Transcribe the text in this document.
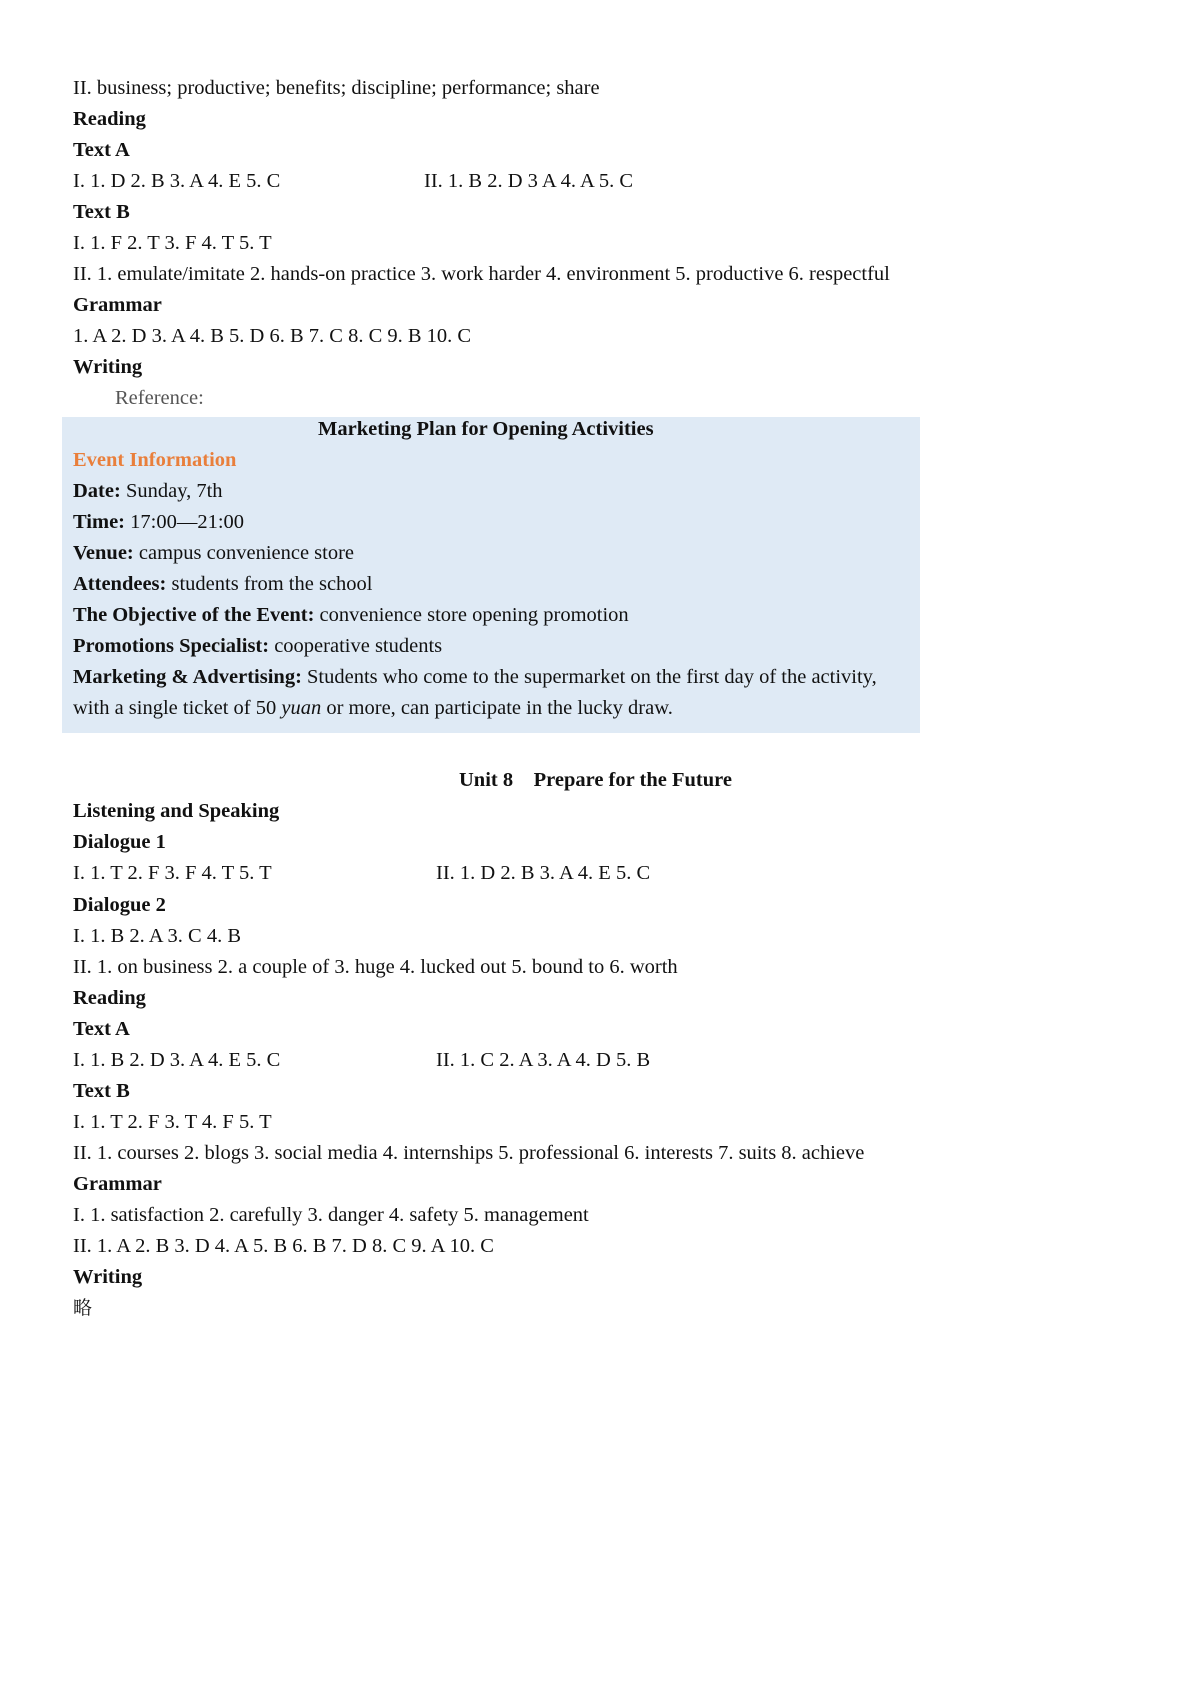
II. business; productive; benefits; discipline; performance; share
Reading
Text A
I. 1. D 2. B 3. A 4. E 5. C	II. 1. B 2. D 3 A 4. A 5. C
Text B
I. 1. F 2. T 3. F 4. T 5. T
II. 1. emulate/imitate 2. hands-on practice 3. work harder 4. environment 5. productive 6. respectful
Grammar
1. A 2. D 3. A 4. B 5. D 6. B 7. C 8. C 9. B 10. C
Writing
Reference:
Marketing Plan for Opening Activities
Event Information
Date: Sunday, 7th
Time: 17:00—21:00
Venue: campus convenience store
Attendees: students from the school
The Objective of the Event: convenience store opening promotion
Promotions Specialist: cooperative students
Marketing & Advertising: Students who come to the supermarket on the first day of the activity,
with a single ticket of 50 yuan or more, can participate in the lucky draw.
Unit 8    Prepare for the Future
Listening and Speaking
Dialogue 1
I. 1. T 2. F 3. F 4. T 5. T	II. 1. D 2. B 3. A 4. E 5. C
Dialogue 2
I. 1. B 2. A 3. C 4. B
II. 1. on business 2. a couple of 3. huge 4. lucked out 5. bound to 6. worth
Reading
Text A
I. 1. B 2. D 3. A 4. E 5. C	II. 1. C 2. A 3. A 4. D 5. B
Text B
I. 1. T 2. F 3. T 4. F 5. T
II. 1. courses 2. blogs 3. social media 4. internships 5. professional 6. interests 7. suits 8. achieve
Grammar
I. 1. satisfaction 2. carefully 3. danger 4. safety 5. management
II. 1. A 2. B 3. D 4. A 5. B 6. B 7. D 8. C 9. A 10. C
Writing
略
